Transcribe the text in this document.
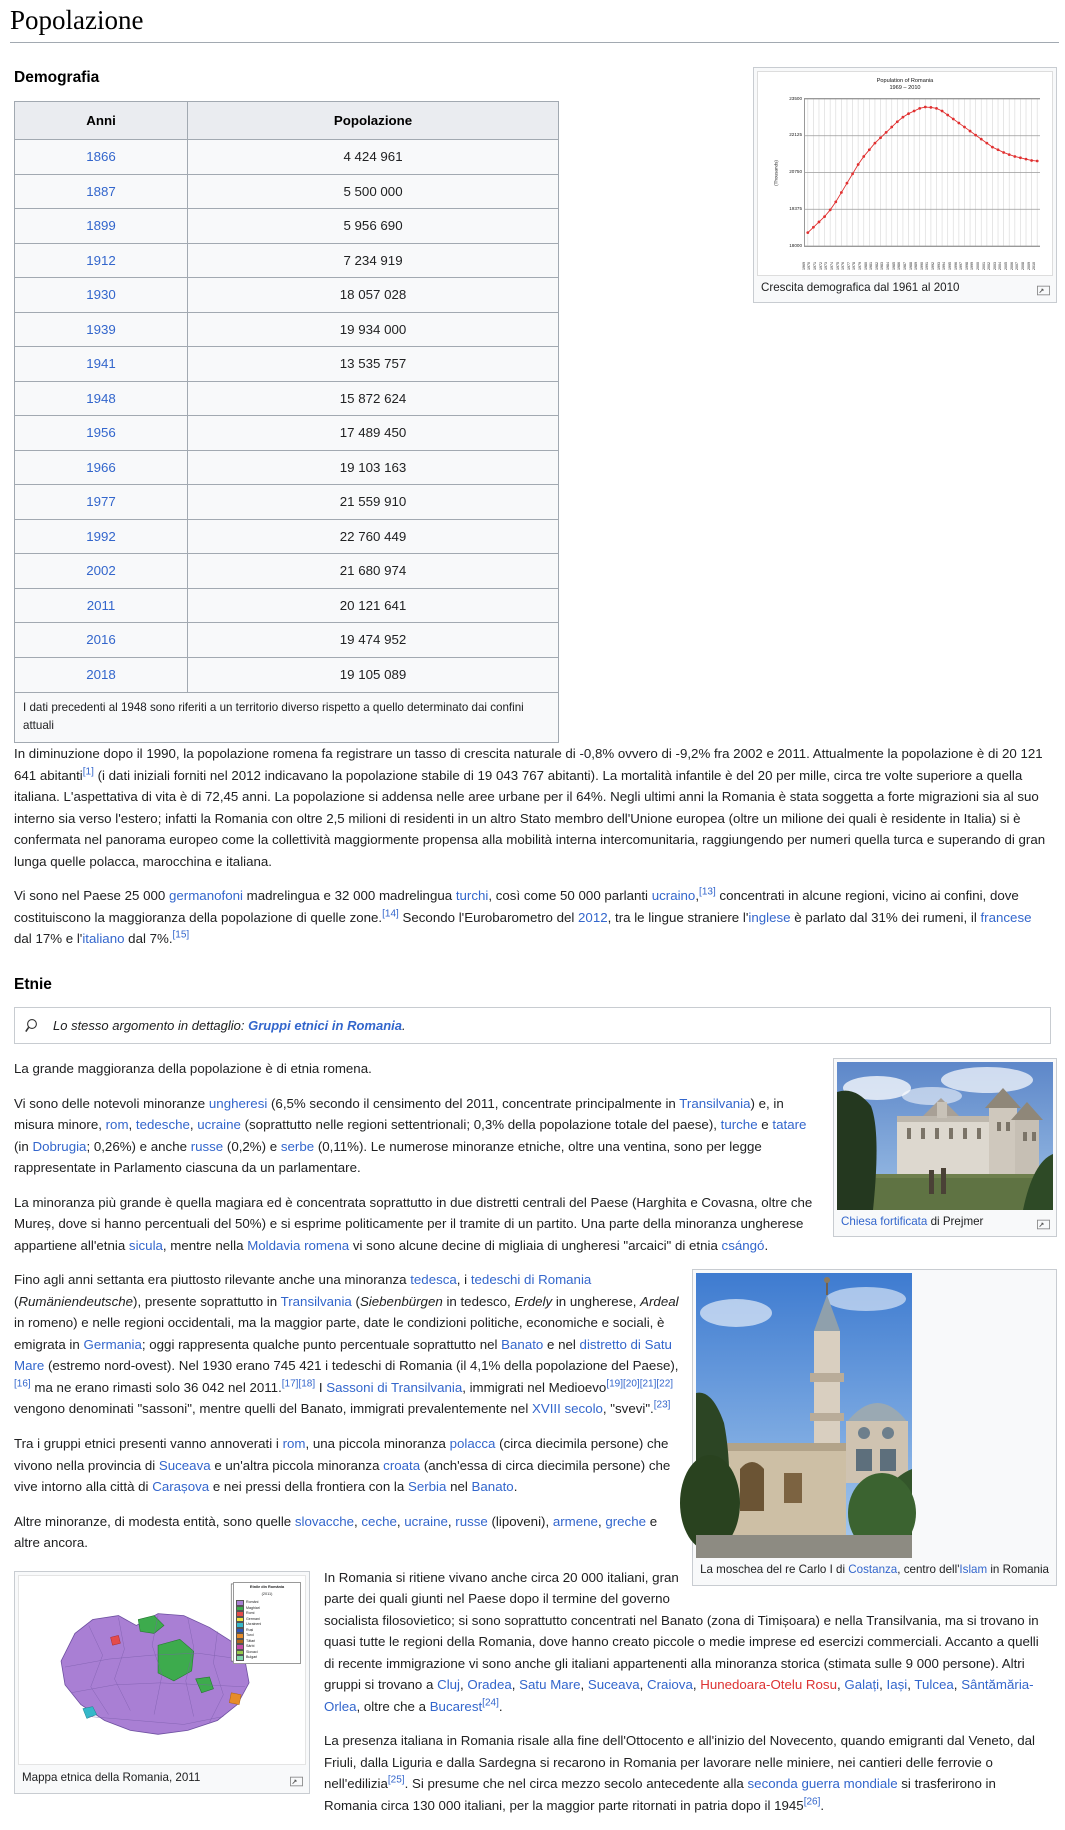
Popolazione
Demografia	Population of Romania
1969 – 2010
(Thousands)
18000
19375
20750
22125
23500
1969 1970 1971 1972 1973 1974 1975 1976 1977 1978 1979 1980 1981 1982 1983 1984 1985 1986 1987 1988 1989 1990 1991 1992 1993 1994 1995 1996 1997 1998 1999 2000 2001 2002 2003 2004 2005 2006 2007 2008 2009 2010
Crescita demografica dal 1961 al 2010
Anni	Popolazione
1866	4 424 961
1887	5 500 000
1899	5 956 690
1912	7 234 919
1930	18 057 028
1939	19 934 000
1941	13 535 757
1948	15 872 624
1956	17 489 450
1966	19 103 163
1977	21 559 910
1992	22 760 449
2002	21 680 974
2011	20 121 641
2016	19 474 952
2018	19 105 089
I dati precedenti al 1948 sono riferiti a un territorio diverso rispetto a quello determinato dai confini attuali	

In diminuzione dopo il 1990, la popolazione romena fa registrare un tasso di crescita naturale di -0,8% ovvero di -9,2% fra 2002 e 2011. Attualmente la popolazione è di 20 121 641 abitanti[1] (i dati iniziali forniti nel 2012 indicavano la popolazione stabile di 19 043 767 abitanti). La mortalità infantile è del 20 per mille, circa tre volte superiore a quella italiana. L'aspettativa di vita è di 72,45 anni. La popolazione si addensa nelle aree urbane per il 64%. Negli ultimi anni la Romania è stata soggetta a forte migrazioni sia al suo interno sia verso l'estero; infatti la Romania con oltre 2,5 milioni di residenti in un altro Stato membro dell'Unione europea (oltre un milione dei quali è residente in Italia) si è confermata nel panorama europeo come la collettività maggiormente propensa alla mobilità interna intercomunitaria, raggiungendo per numeri quella turca e superando di gran lunga quelle polacca, marocchina e italiana.

Vi sono nel Paese 25 000 germanofoni madrelingua e 32 000 madrelingua turchi, così come 50 000 parlanti ucraino,[13] concentrati in alcune regioni, vicino ai confini, dove costituiscono la maggioranza della popolazione di quelle zone.[14] Secondo l'Eurobarometro del 2012, tra le lingue straniere l'inglese è parlato dal 31% dei rumeni, il francese dal 17% e l'italiano dal 7%.[15]

Etnie
Lo stesso argomento in dettaglio: Gruppi etnici in Romania.
Chiesa fortificata di Prejmer

La grande maggioranza della popolazione è di etnia romena.

Vi sono delle notevoli minoranze ungheresi (6,5% secondo il censimento del 2011, concentrate principalmente in Transilvania) e, in misura minore, rom, tedesche, ucraine (soprattutto nelle regioni settentrionali; 0,3% della popolazione totale del paese), turche e tatare (in Dobrugia; 0,26%) e anche russe (0,2%) e serbe (0,11%). Le numerose minoranze etniche, oltre una ventina, sono per legge rappresentate in Parlamento ciascuna da un parlamentare.

La minoranza più grande è quella magiara ed è concentrata soprattutto in due distretti centrali del Paese (Harghita e Covasna, oltre che Mureș, dove si hanno percentuali del 50%) e si esprime politicamente per il tramite di un partito. Una parte della minoranza ungherese appartiene all'etnia sicula, mentre nella Moldavia romena vi sono alcune decine di migliaia di ungheresi "arcaici" di etnia csángó.

La moschea del re Carlo I di Costanza, centro dell'Islam in Romania

Fino agli anni settanta era piuttosto rilevante anche una minoranza tedesca, i tedeschi di Romania (Rumäniendeutsche), presente soprattutto in Transilvania (Siebenbürgen in tedesco, Erdely in ungherese, Ardeal in romeno) e nelle regioni occidentali, ma la maggior parte, date le condizioni politiche, economiche e sociali, è emigrata in Germania; oggi rappresenta qualche punto percentuale soprattutto nel Banato e nel distretto di Satu Mare (estremo nord-ovest). Nel 1930 erano 745 421 i tedeschi di Romania (il 4,1% della popolazione del Paese),[16] ma ne erano rimasti solo 36 042 nel 2011.[17][18] I Sassoni di Transilvania, immigrati nel Medioevo[19][20][21][22] vengono denominati "sassoni", mentre quelli del Banato, immigrati prevalentemente nel XVIII secolo, "svevi".[23]

Tra i gruppi etnici presenti vanno annoverati i rom, una piccola minoranza polacca (circa diecimila persone) che vivono nella provincia di Suceava e un'altra piccola minoranza croata (anch'essa di circa diecimila persone) che vive intorno alla città di Carașova e nei pressi della frontiera con la Serbia nel Banato.

Altre minoranze, di modesta entità, sono quelle slovacche, ceche, ucraine, russe (lipoveni), armene, greche e altre ancora.

Etnile din România
(2011)
Români
Maghiari
Romi
Germani
Ucraineni
Ruși
Turci
Tătari
Sârbi
Slovaci
Bulgari
Mappa etnica della Romania, 2011

In Romania si ritiene vivano anche circa 20 000 italiani, gran parte dei quali giunti nel Paese dopo il termine del governo socialista filosovietico; si sono soprattutto concentrati nel Banato (zona di Timișoara) e nella Transilvania, ma si trovano in quasi tutte le regioni della Romania, dove hanno creato piccole o medie imprese ed esercizi commerciali. Accanto a quelli di recente immigrazione vi sono anche gli italiani appartenenti alla minoranza storica (stimata sulle 9 000 persone). Altri gruppi si trovano a Cluj, Oradea, Satu Mare, Suceava, Craiova, Hunedoara-Otelu Rosu, Galați, Iași, Tulcea, Sântămăria-Orlea, oltre che a Bucarest[24].

La presenza italiana in Romania risale alla fine dell'Ottocento e all'inizio del Novecento, quando emigranti dal Veneto, dal Friuli, dalla Liguria e dalla Sardegna si recarono in Romania per lavorare nelle miniere, nei cantieri delle ferrovie o nell'edilizia[25]. Si presume che nel circa mezzo secolo antecedente alla seconda guerra mondiale si trasferirono in Romania circa 130 000 italiani, per la maggior parte ritornati in patria dopo il 1945[26].
